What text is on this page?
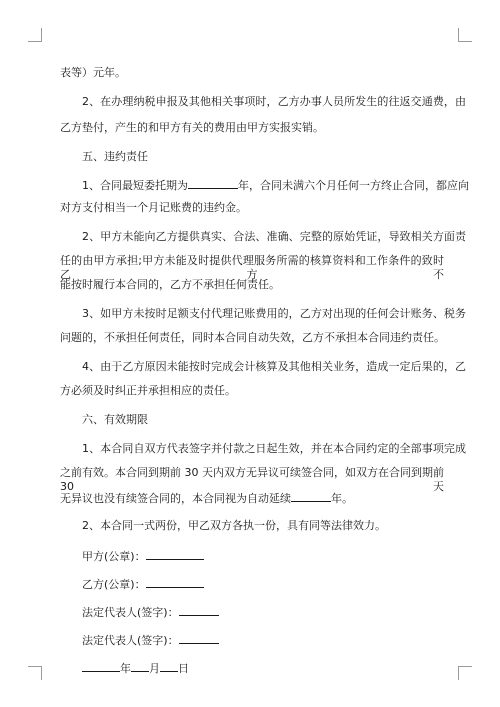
表等）元年。
2、在办理纳税申报及其他相关事项时，乙方办事人员所发生的往返交通费，由
乙方垫付，产生的和甲方有关的费用由甲方实报实销。
五、违约责任
1、合同最短委托期为	年，合同未满六个月任何一方终止合同，都应向
对方支付相当一个月记账费的违约金。
2、甲方未能向乙方提供真实、合法、准确、完整的原始凭证，导致相关方面责
任的由甲方承担;甲方未能及时提供代理服务所需的核算资料和工作条件的致时乙方不
能按时履行本合同的，乙方不承担任何责任。
3、如甲方未按时足额支付代理记账费用的，乙方对出现的任何会计账务、税务
问题的，不承担任何责任，同时本合同自动失效，乙方不承担本合同违约责任。
4、由于乙方原因未能按时完成会计核算及其他相关业务，造成一定后果的，乙
方必须及时纠正并承担相应的责任。
六、有效期限
1、本合同自双方代表签字并付款之日起生效，并在本合同约定的全部事项完成
之前有效。本合同到期前 30 天内双方无异议可续签合同，如双方在合同到期前 30 天
无异议也没有续签合同的，本合同视为自动延续	年。
2、本合同一式两份，甲乙双方各执一份，具有同等法律效力。
甲方(公章)：
乙方(公章)：
法定代表人(签字)：
法定代表人(签字)：
年 月 日
